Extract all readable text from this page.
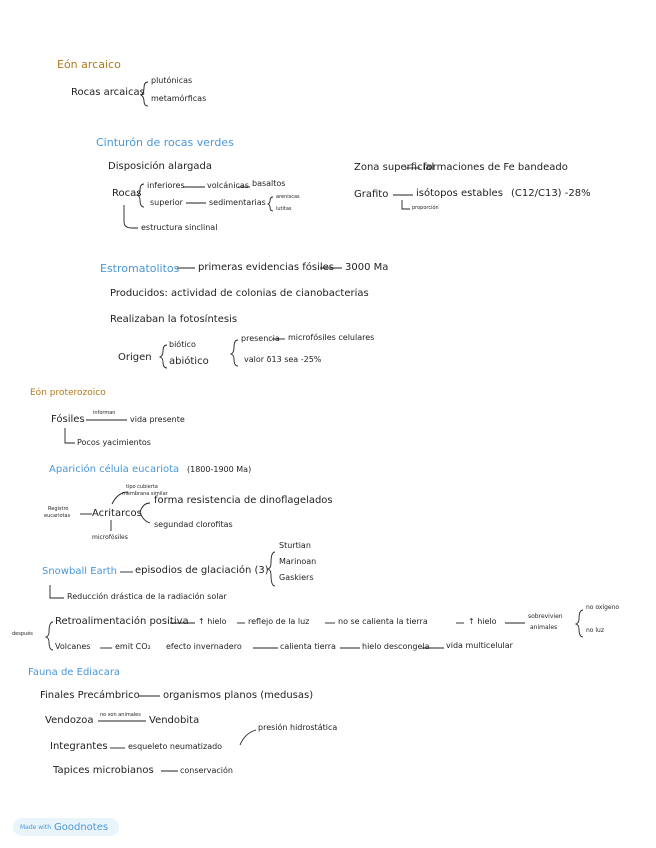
Eón arcaico
Rocas arcaicas
plutónicas
metamórficas
Cinturón de rocas verdes
Disposición alargada
Rocas
inferiores	volcánicas basaltos
superior	sedimentarias
areniscas
lutitas
estructura sinclinal
Zona superficial
formaciones de Fe bandeado
Grafito	isótopos estables (C12/C13) -28%
proporción
Estromatolitos primeras evidencias fósiles 3000 Ma
Producidos: actividad de colonias de cianobacterias
Realizaban la fotosíntesis
Origen
biótico
abiótico
presencia microfósiles celulares
valor δ13 sea -25%
Eón proterozoico
Fósiles
informan
vida presente
Pocos yacimientos
Aparición célula eucariota (1800-1900 Ma)
Acritarcos
tipo cubierta
membrana similar
Registro
eucariotas
microfósiles
forma resistencia de dinoflagelados
segundad clorofitas
Snowball Earth episodios de glaciación (3)
Sturtian
Marinoan
Gaskiers
Reducción drástica de la radiación solar
después
Retroalimentación positiva ↑ hielo	reflejo de la luz	no se calienta la tierra	↑ hielo
sobrevivien
animales
no oxígeno
no luz
Volcanes	emit CO₂ efecto invernadero	calienta tierra	hielo descongela vida multicelular
Fauna de Ediacara
Finales Precámbrico organismos planos (medusas)
Vendozoa no son animales Vendobita
presión hidrostática
Integrantes	esqueleto neumatizado
Tapices microbianos	conservación
Made with Goodnotes
